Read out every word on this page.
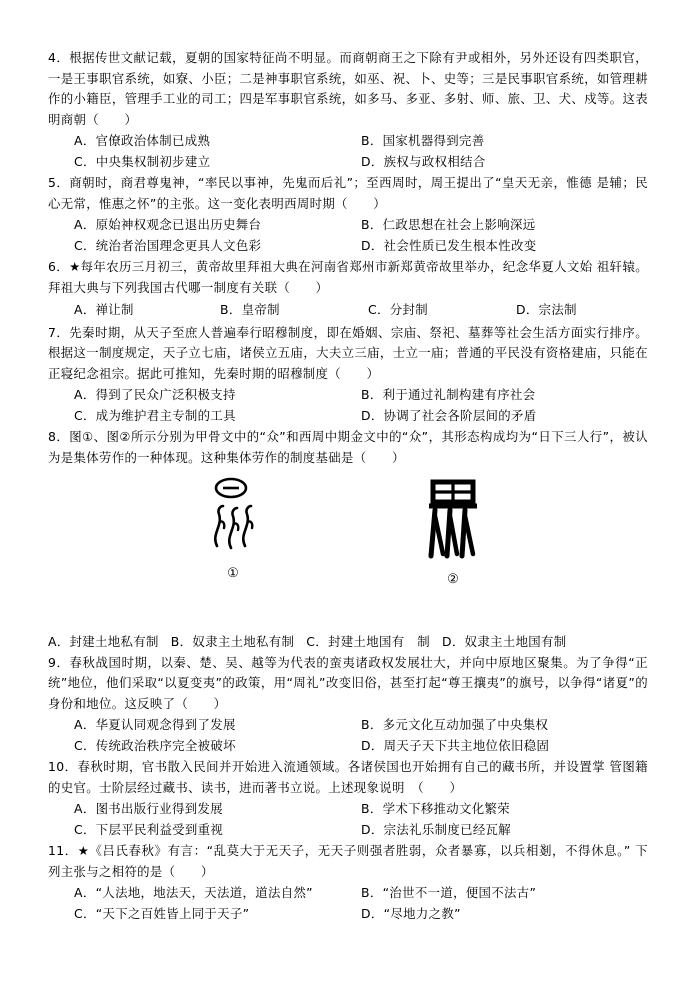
4．根据传世文献记载，夏朝的国家特征尚不明显。而商朝商王之下除有尹或相外，另外还设有四类职官，一是王事职官系统，如寮、小臣；二是神事职官系统，如巫、祝、卜、史等；三是民事职官系统，如管理耕作的小籍臣，管理手工业的司工；四是军事职官系统，如多马、多亚、多射、师、旅、卫、犬、戍等。这表明商朝（　　）
A．官僚政治体制已成熟	B．国家机器得到完善
C．中央集权制初步建立	D．族权与政权相结合
5．商朝时，商君尊鬼神，“率民以事神，先鬼而后礼”；至西周时，周王提出了“皇天无亲，惟德 是辅；民心无常，惟惠之怀”的主张。这一变化表明西周时期（　　）
A．原始神权观念已退出历史舞台	B．仁政思想在社会上影响深远
C．统治者治国理念更具人文色彩	D．社会性质已发生根本性改变
6．★每年农历三月初三，黄帝故里拜祖大典在河南省郑州市新郑黄帝故里举办，纪念华夏人文始 祖轩辕。拜祖大典与下列我国古代哪一制度有关联（　　）
A．禅让制	B．皇帝制	C．分封制	D．宗法制
7．先秦时期，从天子至庶人普遍奉行昭穆制度，即在婚姻、宗庙、祭祀、墓葬等社会生活方面实行排序。根据这一制度规定，天子立七庙，诸侯立五庙，大夫立三庙，士立一庙；普通的平民没有资格建庙，只能在正寝纪念祖宗。据此可推知，先秦时期的昭穆制度（　　）
A．得到了民众广泛积极支持	B．利于通过礼制构建有序社会
C．成为维护君主专制的工具	D．协调了社会各阶层间的矛盾
8．图①、图②所示分别为甲骨文中的“众”和西周中期金文中的“众”，其形态构成均为“日下三人行”，被认为是集体劳作的一种体现。这种集体劳作的制度基础是（　　）
①	②
A．封建土地私有制 B．奴隶主土地私有制 C．封建土地国有　制 D．奴隶主土地国有制
9．春秋战国时期，以秦、楚、吴、越等为代表的蛮夷诸政权发展壮大，并向中原地区聚集。为了争得“正统”地位，他们采取“以夏变夷”的政策，用“周礼”改变旧俗，甚至打起“尊王攘夷”的旗号，以争得“诸夏”的身份和地位。这反映了（　　）
A．华夏认同观念得到了发展	B．多元文化互动加强了中央集权
C．传统政治秩序完全被破坏	D．周天子天下共主地位依旧稳固
10．春秋时期，官书散入民间并开始进入流通领域。各诸侯国也开始拥有自己的藏书所，并设置掌 管图籍的史官。士阶层经过藏书、读书，进而著书立说。上述现象说明　（　　）
A．图书出版行业得到发展	B．学术下移推动文化繁荣
C．下层平民利益受到重视	D．宗法礼乐制度已经瓦解
11．★《吕氏春秋》有言：“乱莫大于无天子，无天子则强者胜弱，众者暴寡，以兵相剗，不得休息。” 下列主张与之相符的是（　　）
A．“人法地，地法天，天法道，道法自然”	B．“治世不一道，便国不法古”
C．“天下之百姓皆上同于天子”	D．“尽地力之教”
